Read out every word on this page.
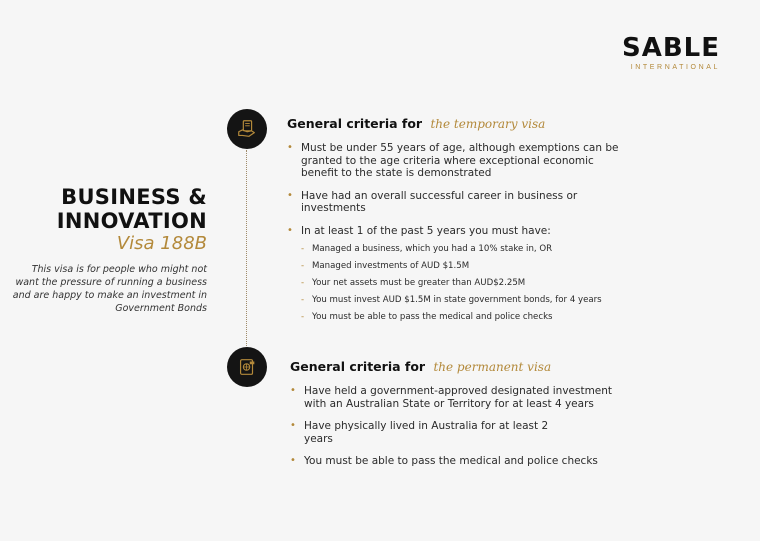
SABLE
INTERNATIONAL
BUSINESS &
INNOVATION
Visa 188B
This visa is for people who might not want the pressure of running a business and are happy to make an investment in Government Bonds
General criteria for the temporary visa
• Must be under 55 years of age, although exemptions can be granted to the age criteria where exceptional economic benefit to the state is demonstrated
• Have had an overall successful career in business or investments
• In at least 1 of the past 5 years you must have:
- Managed a business, which you had a 10% stake in, OR
- Managed investments of AUD $1.5M
- Your net assets must be greater than AUD$2.25M
- You must invest AUD $1.5M in state government bonds, for 4 years
- You must be able to pass the medical and police checks
General criteria for the permanent visa
• Have held a government-approved designated investment with an Australian State or Territory for at least 4 years
• Have physically lived in Australia for at least 2 years
• You must be able to pass the medical and police checks
